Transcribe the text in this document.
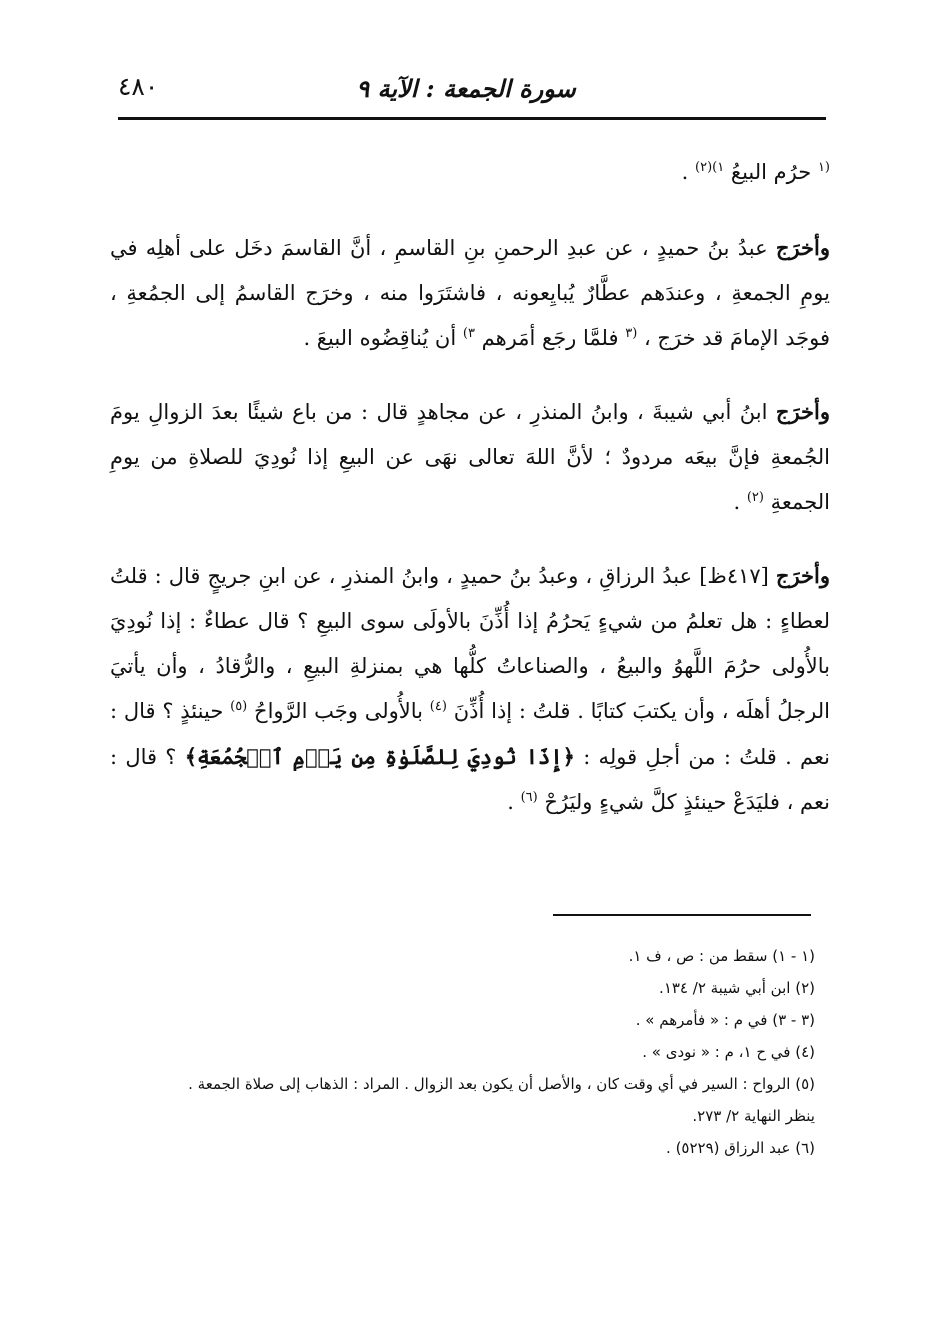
٤٨٠	سورة الجمعة : الآية ٩

$^{(١}$ حرُم البيعُ $^{١)(٢)}$ .

وأخرَج عبدُ بنُ حميدٍ ، عن عبدِ الرحمنِ بنِ القاسمِ ، أنَّ القاسمَ دخَل على أهلِه في يومِ الجمعةِ ، وعندَهم عطَّارٌ يُبايِعونه ، فاشتَرَوا منه ، وخرَج القاسمُ إلى الجمُعةِ ، فوجَد الإمامَ قد خرَج ، $^{(٣}$ فلمَّا رجَع أمَرهم $^{٣)}$ أن يُناقِضُوه البيعَ .

وأخرَج ابنُ أبي شيبةَ ، وابنُ المنذرِ ، عن مجاهدٍ قال : من باع شيئًا بعدَ الزوالِ يومَ الجُمعةِ فإنَّ بيعَه مردودٌ ؛ لأنَّ اللهَ تعالى نهَى عن البيعِ إذا نُودِيَ للصلاةِ من يومِ الجمعةِ $^{(٢)}$ .

وأخرَج [٤١٧ظ] عبدُ الرزاقِ ، وعبدُ بنُ حميدٍ ، وابنُ المنذرِ ، عن ابنِ جريجٍ قال : قلتُ لعطاءٍ : هل تعلمُ من شيءٍ يَحرُمُ إذا أُذِّنَ بالأولَى سوى البيعِ ؟ قال عطاءٌ : إذا نُودِيَ بالأُولى حرُمَ اللَّهوُ والبيعُ ، والصناعاتُ كلُّها هي بمنزلةِ البيعِ ، والرُّقادُ ، وأن يأتيَ الرجلُ أهلَه ، وأن يكتبَ كتابًا . قلتُ : إذا أُذِّنَ $^{(٤)}$ بالأُولى وجَب الرَّواحُ $^{(٥)}$ حينئذٍ ؟ قال : نعم . قلتُ : من أجلِ قولِه : ﴿إِذَا نُودِيَ لِلصَّلَوٰةِ مِن يَوۡمِ ٱلۡجُمُعَةِ﴾ ؟ قال : نعم ، فليَدَعْ حينئذٍ كلَّ شيءٍ وليَرُحْ $^{(٦)}$ .

(١ - ١) سقط من : ص ، ف ١.

(٢) ابن أبي شيبة ٢/ ١٣٤.

(٣ - ٣) في م : « فأمرهم » .

(٤) في ح ١، م : « نودى » .

(٥) الرواح : السير في أي وقت كان ، والأصل أن يكون بعد الزوال . المراد : الذهاب إلى صلاة الجمعة .

ينظر النهاية ٢/ ٢٧٣.

(٦) عبد الرزاق (٥٢٢٩) .
